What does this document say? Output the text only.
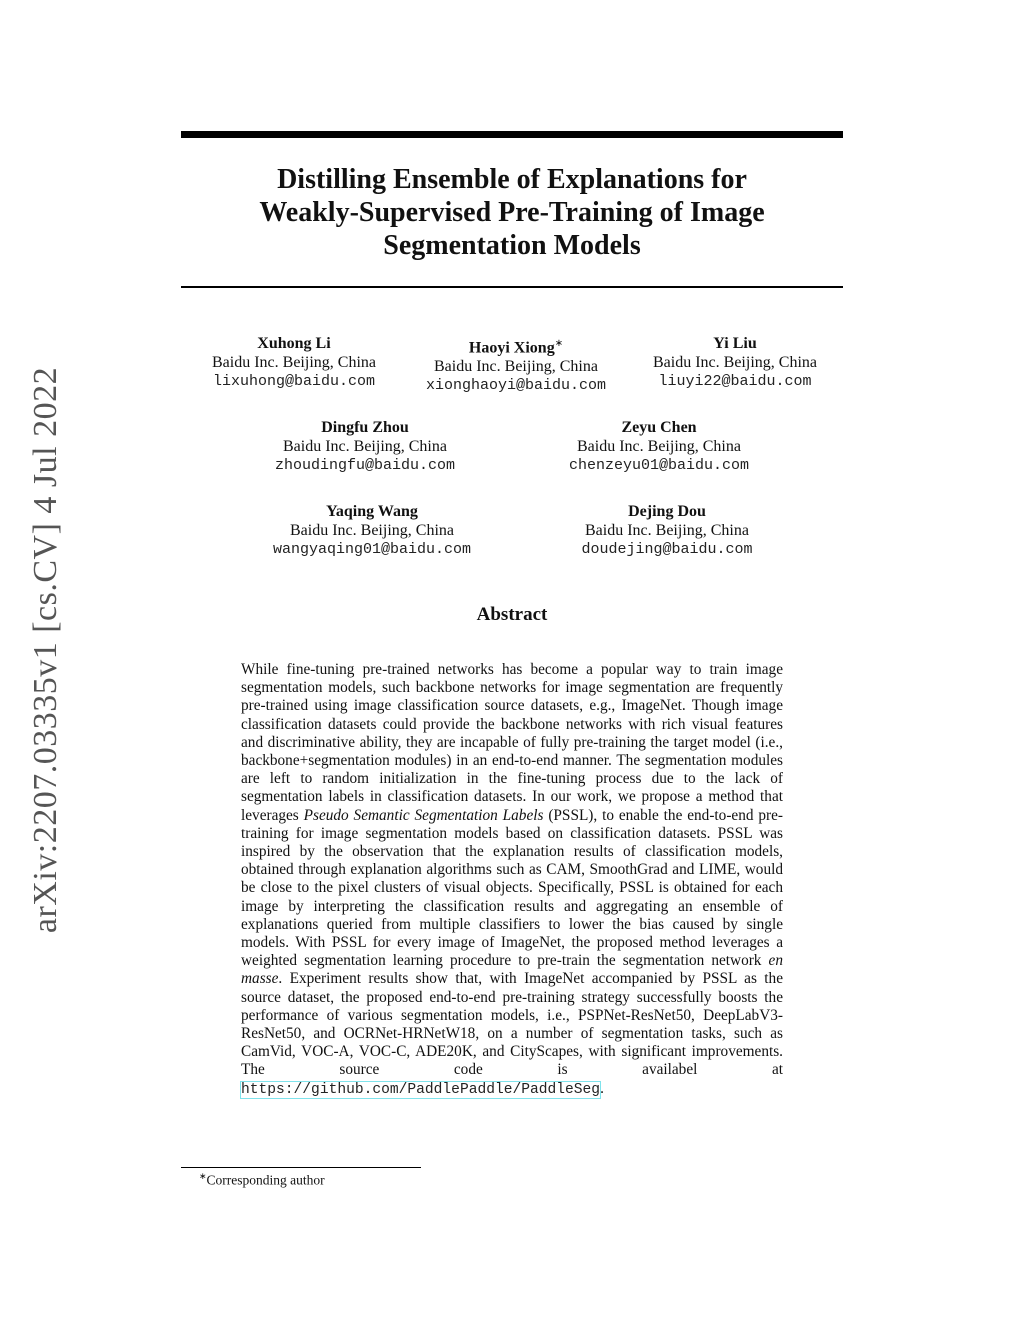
arXiv:2207.03335v1 [cs.CV] 4 Jul 2022
Distilling Ensemble of Explanations for
Weakly-Supervised Pre-Training of Image
Segmentation Models
Xuhong Li
Baidu Inc. Beijing, China
lixuhong@baidu.com
Haoyi Xiong∗
Baidu Inc. Beijing, China
xionghaoyi@baidu.com
Yi Liu
Baidu Inc. Beijing, China
liuyi22@baidu.com
Dingfu Zhou
Baidu Inc. Beijing, China
zhoudingfu@baidu.com
Zeyu Chen
Baidu Inc. Beijing, China
chenzeyu01@baidu.com
Yaqing Wang
Baidu Inc. Beijing, China
wangyaqing01@baidu.com
Dejing Dou
Baidu Inc. Beijing, China
doudejing@baidu.com
Abstract
While fine-tuning pre-trained networks has become a popular way to train image segmentation models, such backbone networks for image segmentation are frequently pre-trained using image classification source datasets, e.g., ImageNet. Though image classification datasets could provide the backbone networks with rich visual features and discriminative ability, they are incapable of fully pre-training the target model (i.e., backbone+segmentation modules) in an end-to-end manner. The segmentation modules are left to random initialization in the fine-tuning process due to the lack of segmentation labels in classification datasets. In our work, we propose a method that leverages Pseudo Semantic Segmentation Labels (PSSL), to enable the end-to-end pre-training for image segmentation models based on classification datasets. PSSL was inspired by the observation that the explanation results of classification models, obtained through explanation algorithms such as CAM, SmoothGrad and LIME, would be close to the pixel clusters of visual objects. Specifically, PSSL is obtained for each image by interpreting the classification results and aggregating an ensemble of explanations queried from multiple classifiers to lower the bias caused by single models. With PSSL for every image of ImageNet, the proposed method leverages a weighted segmentation learning procedure to pre-train the segmentation network en masse. Experiment results show that, with ImageNet accompanied by PSSL as the source dataset, the proposed end-to-end pre-training strategy successfully boosts the performance of various segmentation models, i.e., PSPNet-ResNet50, DeepLabV3-ResNet50, and OCRNet-HRNetW18, on a number of segmentation tasks, such as CamVid, VOC-A, VOC-C, ADE20K, and CityScapes, with significant improvements. The source code is availabel at https://github.com/PaddlePaddle/PaddleSeg.
∗Corresponding author
